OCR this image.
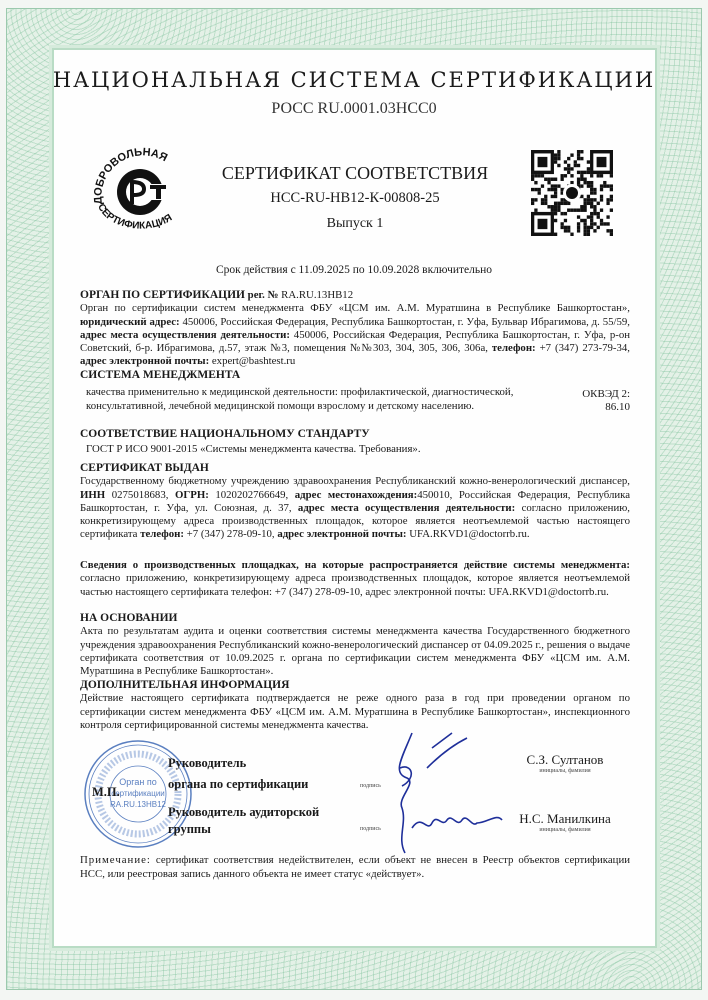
НАЦИОНАЛЬНАЯ СИСТЕМА СЕРТИФИКАЦИИ
РОСС RU.0001.03НСС0
ДОБРОВОЛЬНАЯ
СЕРТИФИКАЦИЯ
СЕРТИФИКАТ СООТВЕТСТВИЯ
НСС-RU-НВ12-К-00808-25
Выпуск 1
Срок действия с 11.09.2025 по 10.09.2028 включительно
ОРГАН ПО СЕРТИФИКАЦИИ рег. № RA.RU.13НВ12
Орган по сертификации систем менеджмента ФБУ «ЦСМ им. А.М. Муратшина в Республике Башкортостан», юридический адрес: 450006, Российская Федерация, Республика Башкортостан, г. Уфа, Бульвар Ибрагимова, д. 55/59, адрес места осуществления деятельности: 450006, Российская Федерация, Республика Башкортостан, г. Уфа, р-он Советский, б-р. Ибрагимова, д.57, этаж №3, помещения №№303, 304, 305, 306, 306а, телефон: +7 (347) 273-79-34, адрес электронной почты: expert@bashtest.ru
СИСТЕМА МЕНЕДЖМЕНТА
качества применительно к медицинской деятельности: профилактической, диагностической, консультативной, лечебной медицинской помощи взрослому и детскому населению.
ОКВЭД 2:
86.10
СООТВЕТСТВИЕ НАЦИОНАЛЬНОМУ СТАНДАРТУ
ГОСТ Р ИСО 9001-2015 «Системы менеджмента качества. Требования».
СЕРТИФИКАТ ВЫДАН
Государственному бюджетному учреждению здравоохранения Республиканский кожно-венерологический диспансер, ИНН 0275018683, ОГРН: 1020202766649, адрес местонахождения:450010, Российская Федерация, Республика Башкортостан, г. Уфа, ул. Союзная, д. 37, адрес места осуществления деятельности: согласно приложению, конкретизирующему адреса производственных площадок, которое является неотъемлемой частью настоящего сертификата телефон: +7 (347) 278-09-10, адрес электронной почты: UFA.RKVD1@doctorrb.ru.
Сведения о производственных площадках, на которые распространяется действие системы менеджмента: согласно приложению, конкретизирующему адреса производственных площадок, которое является неотъемлемой частью настоящего сертификата телефон: +7 (347) 278-09-10, адрес электронной почты: UFA.RKVD1@doctorrb.ru.
НА ОСНОВАНИИ
Акта по результатам аудита и оценки соответствия системы менеджмента качества Государственного бюджетного учреждения здравоохранения Республиканский кожно-венерологический диспансер от 04.09.2025 г., решения о выдаче сертификата соответствия от 10.09.2025 г. органа по сертификации систем менеджмента ФБУ «ЦСМ им. А.М. Муратшина в Республике Башкортостан».
ДОПОЛНИТЕЛЬНАЯ ИНФОРМАЦИЯ
Действие настоящего сертификата подтверждается не реже одного раза в год при проведении органом по сертификации систем менеджмента ФБУ «ЦСМ им. А.М. Муратшина в Республике Башкортостан», инспекционного контроля сертифицированной системы менеджмента качества.
Орган по
сертификации
RA.RU.13НВ12
Руководитель
органа по сертификации
М.П.
Руководитель аудиторской
группы
подпись
подпись
С.З. Султанов
инициалы, фамилия
Н.С. Манилкина
инициалы, фамилия
Примечание: сертификат соответствия недействителен, если объект не внесен в Реестр объектов сертификации НСС, или реестровая запись данного объекта не имеет статус «действует».
